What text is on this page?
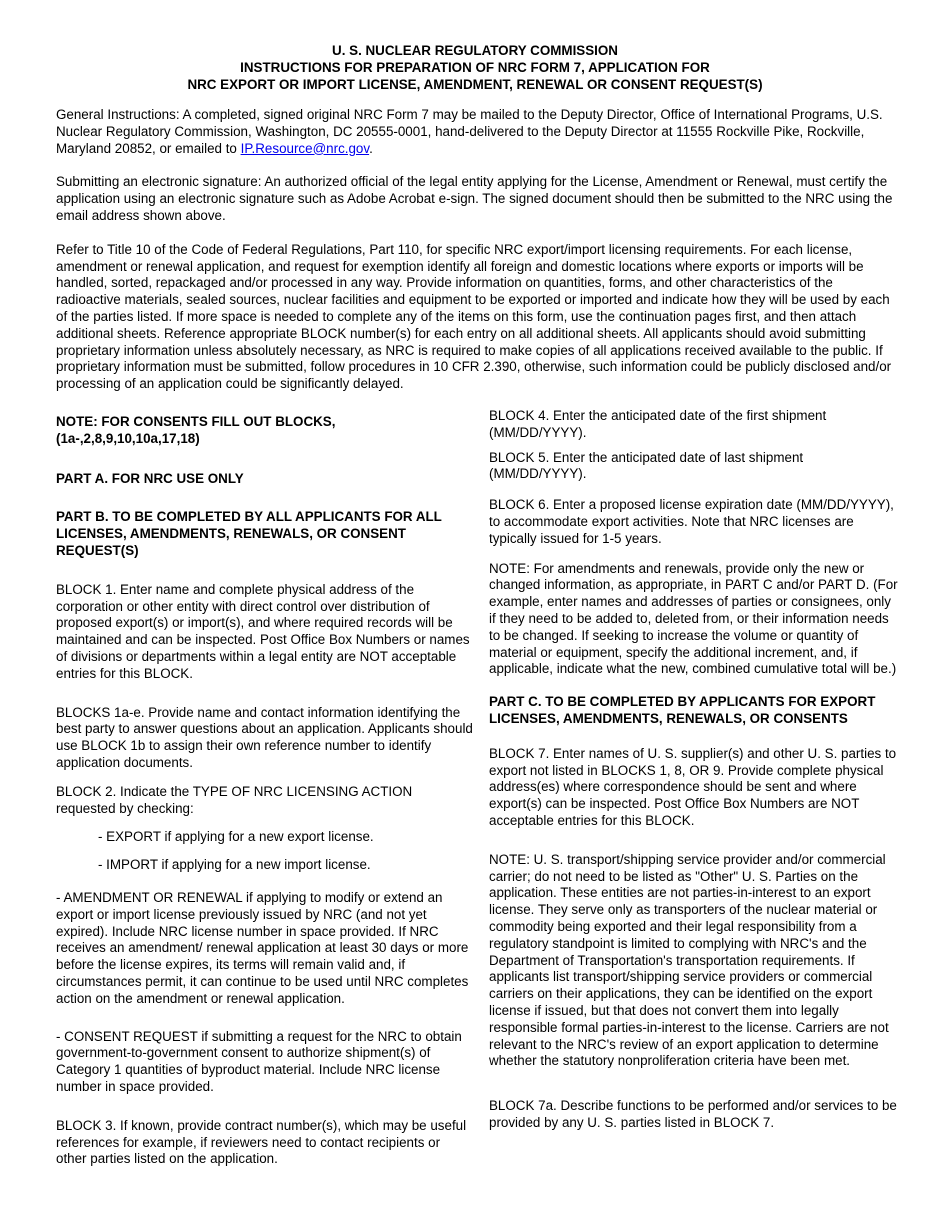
U. S. NUCLEAR REGULATORY COMMISSION
INSTRUCTIONS FOR PREPARATION OF NRC FORM 7, APPLICATION FOR
NRC EXPORT OR IMPORT LICENSE, AMENDMENT, RENEWAL OR CONSENT REQUEST(S)

General Instructions: A completed, signed original NRC Form 7 may be mailed to the Deputy Director, Office of International Programs, U.S. Nuclear Regulatory Commission, Washington, DC 20555-0001, hand-delivered to the Deputy Director at 11555 Rockville Pike, Rockville, Maryland 20852, or emailed to IP.Resource@nrc.gov.

Submitting an electronic signature: An authorized official of the legal entity applying for the License, Amendment or Renewal, must certify the application using an electronic signature such as Adobe Acrobat e-sign. The signed document should then be submitted to the NRC using the email address shown above.

Refer to Title 10 of the Code of Federal Regulations, Part 110, for specific NRC export/import licensing requirements. For each license, amendment or renewal application, and request for exemption identify all foreign and domestic locations where exports or imports will be handled, sorted, repackaged and/or processed in any way. Provide information on quantities, forms, and other characteristics of the radioactive materials, sealed sources, nuclear facilities and equipment to be exported or imported and indicate how they will be used by each of the parties listed. If more space is needed to complete any of the items on this form, use the continuation pages first, and then attach additional sheets. Reference appropriate BLOCK number(s) for each entry on all additional sheets. All applicants should avoid submitting proprietary information unless absolutely necessary, as NRC is required to make copies of all applications received available to the public. If proprietary information must be submitted, follow procedures in 10 CFR 2.390, otherwise, such information could be publicly disclosed and/or processing of an application could be significantly delayed.

NOTE: FOR CONSENTS FILL OUT BLOCKS,
(1a-,2,8,9,10,10a,17,18)

PART A. FOR NRC USE ONLY

PART B. TO BE COMPLETED BY ALL APPLICANTS FOR ALL LICENSES, AMENDMENTS, RENEWALS, OR CONSENT REQUEST(S)

BLOCK 1. Enter name and complete physical address of the corporation or other entity with direct control over distribution of proposed export(s) or import(s), and where required records will be maintained and can be inspected. Post Office Box Numbers or names of divisions or departments within a legal entity are NOT acceptable entries for this BLOCK.

BLOCKS 1a-e. Provide name and contact information identifying the best party to answer questions about an application. Applicants should use BLOCK 1b to assign their own reference number to identify application documents.

BLOCK 2. Indicate the TYPE OF NRC LICENSING ACTION requested by checking:

- EXPORT if applying for a new export license.

- IMPORT if applying for a new import license.

- AMENDMENT OR RENEWAL if applying to modify or extend an export or import license previously issued by NRC (and not yet expired). Include NRC license number in space provided. If NRC receives an amendment/ renewal application at least 30 days or more before the license expires, its terms will remain valid and, if circumstances permit, it can continue to be used until NRC completes action on the amendment or renewal application.

- CONSENT REQUEST if submitting a request for the NRC to obtain government-to-government consent to authorize shipment(s) of Category 1 quantities of byproduct material. Include NRC license number in space provided.

BLOCK 3. If known, provide contract number(s), which may be useful references for example, if reviewers need to contact recipients or other parties listed on the application.

BLOCK 4. Enter the anticipated date of the first shipment (MM/DD/YYYY).

BLOCK 5. Enter the anticipated date of last shipment (MM/DD/YYYY).

BLOCK 6. Enter a proposed license expiration date (MM/DD/YYYY), to accommodate export activities. Note that NRC licenses are typically issued for 1-5 years.

NOTE: For amendments and renewals, provide only the new or changed information, as appropriate, in PART C and/or PART D. (For example, enter names and addresses of parties or consignees, only if they need to be added to, deleted from, or their information needs to be changed. If seeking to increase the volume or quantity of material or equipment, specify the additional increment, and, if applicable, indicate what the new, combined cumulative total will be.)

PART C. TO BE COMPLETED BY APPLICANTS FOR EXPORT LICENSES, AMENDMENTS, RENEWALS, OR CONSENTS

BLOCK 7. Enter names of U. S. supplier(s) and other U. S. parties to export not listed in BLOCKS 1, 8, OR 9. Provide complete physical address(es) where correspondence should be sent and where export(s) can be inspected. Post Office Box Numbers are NOT acceptable entries for this BLOCK.

NOTE: U. S. transport/shipping service provider and/or commercial carrier; do not need to be listed as "Other" U. S. Parties on the application. These entities are not parties-in-interest to an export license. They serve only as transporters of the nuclear material or commodity being exported and their legal responsibility from a regulatory standpoint is limited to complying with NRC's and the Department of Transportation's transportation requirements. If applicants list transport/shipping service providers or commercial carriers on their applications, they can be identified on the export license if issued, but that does not convert them into legally responsible formal parties-in-interest to the license. Carriers are not relevant to the NRC's review of an export application to determine whether the statutory nonproliferation criteria have been met.

BLOCK 7a. Describe functions to be performed and/or services to be provided by any U. S. parties listed in BLOCK 7.
